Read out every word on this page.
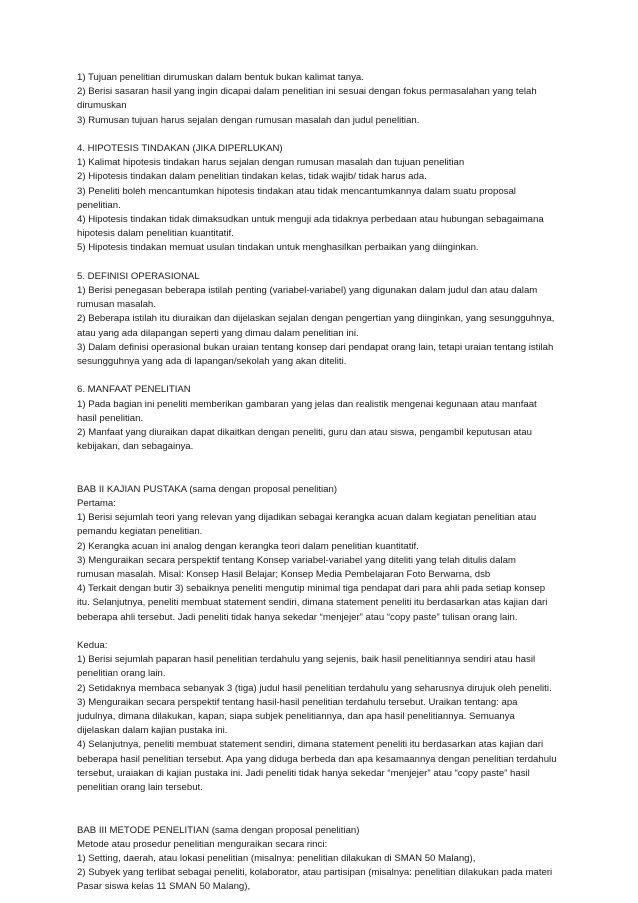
1) Tujuan penelitian dirumuskan dalam bentuk bukan kalimat tanya.
2) Berisi sasaran hasil yang ingin dicapai dalam penelitian ini sesuai dengan fokus permasalahan yang telah
dirumuskan
3) Rumusan tujuan harus sejalan dengan rumusan masalah dan judul penelitian.
4. HIPOTESIS TINDAKAN (JIKA DIPERLUKAN)
1) Kalimat hipotesis tindakan harus sejalan dengan rumusan masalah dan tujuan penelitian
2) Hipotesis tindakan dalam penelitian tindakan kelas, tidak wajib/ tidak harus ada.
3) Peneliti boleh mencantumkan hipotesis tindakan atau tidak mencantumkannya dalam suatu proposal
penelitian.
4) Hipotesis tindakan tidak dimaksudkan untuk menguji ada tidaknya perbedaan atau hubungan sebagaimana
hipotesis dalam penelitian kuantitatif.
5) Hipotesis tindakan memuat usulan tindakan untuk menghasilkan perbaikan yang diinginkan.
5. DEFINISI OPERASIONAL
1) Berisi penegasan beberapa istilah penting (variabel-variabel) yang digunakan dalam judul dan atau dalam
rumusan masalah.
2) Beberapa istilah itu diuraikan dan dijelaskan sejalan dengan pengertian yang diinginkan, yang sesungguhnya,
atau yang ada dilapangan seperti yang dimau dalam penelitian ini.
3) Dalam definisi operasional bukan uraian tentang konsep dari pendapat orang lain, tetapi uraian tentang istilah
sesungguhnya yang ada di lapangan/sekolah yang akan diteliti.
6. MANFAAT PENELITIAN
1) Pada bagian ini peneliti memberikan gambaran yang jelas dan realistik mengenai kegunaan atau manfaat
hasil penelitian.
2) Manfaat yang diuraikan dapat dikaitkan dengan peneliti, guru dan atau siswa, pengambil keputusan atau
kebijakan, dan sebagainya.
BAB II KAJIAN PUSTAKA (sama dengan proposal penelitian)
Pertama:
1) Berisi sejumlah teori yang relevan yang dijadikan sebagai kerangka acuan dalam kegiatan penelitian atau
pemandu kegiatan penelitian.
2) Kerangka acuan ini analog dengan kerangka teori dalam penelitian kuantitatif.
3) Menguraikan secara perspektif tentang Konsep variabel-variabel yang diteliti yang telah ditulis dalam
rumusan masalah. Misal: Konsep Hasil Belajar; Konsep Media Pembelajaran Foto Berwarna, dsb
4) Terkait dengan butir 3) sebaiknya peneliti mengutip minimal tiga pendapat dari para ahli pada setiap konsep
itu. Selanjutnya, peneliti membuat statement sendiri, dimana statement peneliti itu berdasarkan atas kajian dari
beberapa ahli tersebut. Jadi peneliti tidak hanya sekedar “menjejer” atau “copy paste” tulisan orang lain.
Kedua:
1) Berisi sejumlah paparan hasil penelitian terdahulu yang sejenis, baik hasil penelitiannya sendiri atau hasil
penelitian orang lain.
2) Setidaknya membaca sebanyak 3 (tiga) judul hasil penelitian terdahulu yang seharusnya dirujuk oleh peneliti.
3) Menguraikan secara perspektif tentang hasil-hasil penelitian terdahulu tersebut. Uraikan tentang: apa
judulnya, dimana dilakukan, kapan, siapa subjek penelitiannya, dan apa hasil penelitiannya. Semuanya
dijelaskan dalam kajian pustaka ini.
4) Selanjutnya, peneliti membuat statement sendiri, dimana statement peneliti itu berdasarkan atas kajian dari
beberapa hasil penelitian tersebut. Apa yang diduga berbeda dan apa kesamaannya dengan penelitian terdahulu
tersebut, uraiakan di kajian pustaka ini. Jadi peneliti tidak hanya sekedar “menjejer” atau “copy paste” hasil
penelitian orang lain tersebut.
BAB III METODE PENELITIAN (sama dengan proposal penelitian)
Metode atau prosedur penelitian menguraikan secara rinci:
1) Setting, daerah, atau lokasi penelitian (misalnya: penelitian dilakukan di SMAN 50 Malang),
2) Subyek yang terlibat sebagai peneliti, kolaborator, atau partisipan (misalnya: penelitian dilakukan pada materi
Pasar siswa kelas 11 SMAN 50 Malang),
